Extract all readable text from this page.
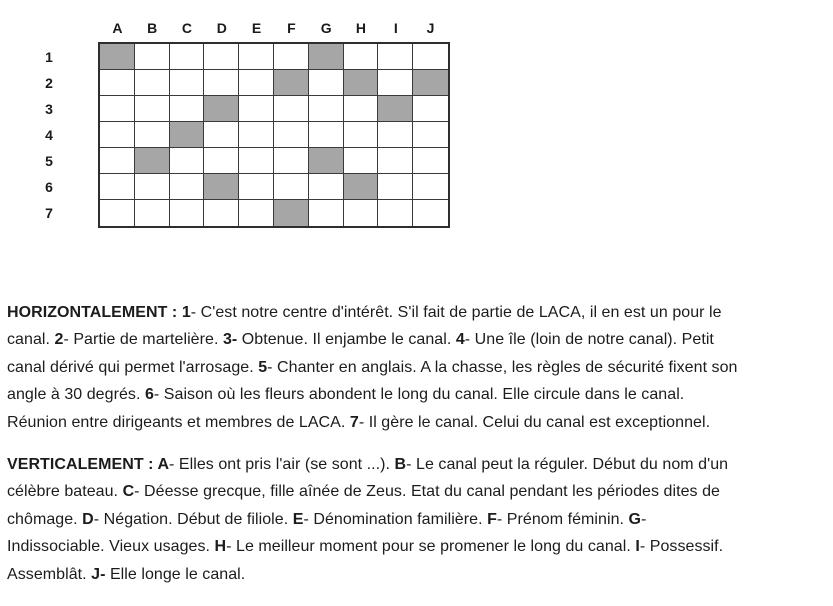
A	B	C	D	E	F	G	H	I	J
1
2
3
4
5
6
7
HORIZONTALEMENT : 1- C'est notre centre d'intérêt. S'il fait de partie de LACA, il en est un pour le
canal. 2- Partie de martelière. 3- Obtenue. Il enjambe le canal. 4- Une île (loin de notre canal). Petit
canal dérivé qui permet l'arrosage. 5- Chanter en anglais. A la chasse, les règles de sécurité fixent son
angle à 30 degrés. 6- Saison où les fleurs abondent le long du canal. Elle circule dans le canal.
Réunion entre dirigeants et membres de LACA. 7- Il gère le canal. Celui du canal est exceptionnel.
VERTICALEMENT : A- Elles ont pris l'air (se sont ...). B- Le canal peut la réguler. Début du nom d'un
célèbre bateau. C- Déesse grecque, fille aînée de Zeus. Etat du canal pendant les périodes dites de
chômage. D- Négation. Début de filiole. E- Dénomination familière. F- Prénom féminin. G-
Indissociable. Vieux usages. H- Le meilleur moment pour se promener le long du canal. I- Possessif.
Assemblât. J- Elle longe le canal.
